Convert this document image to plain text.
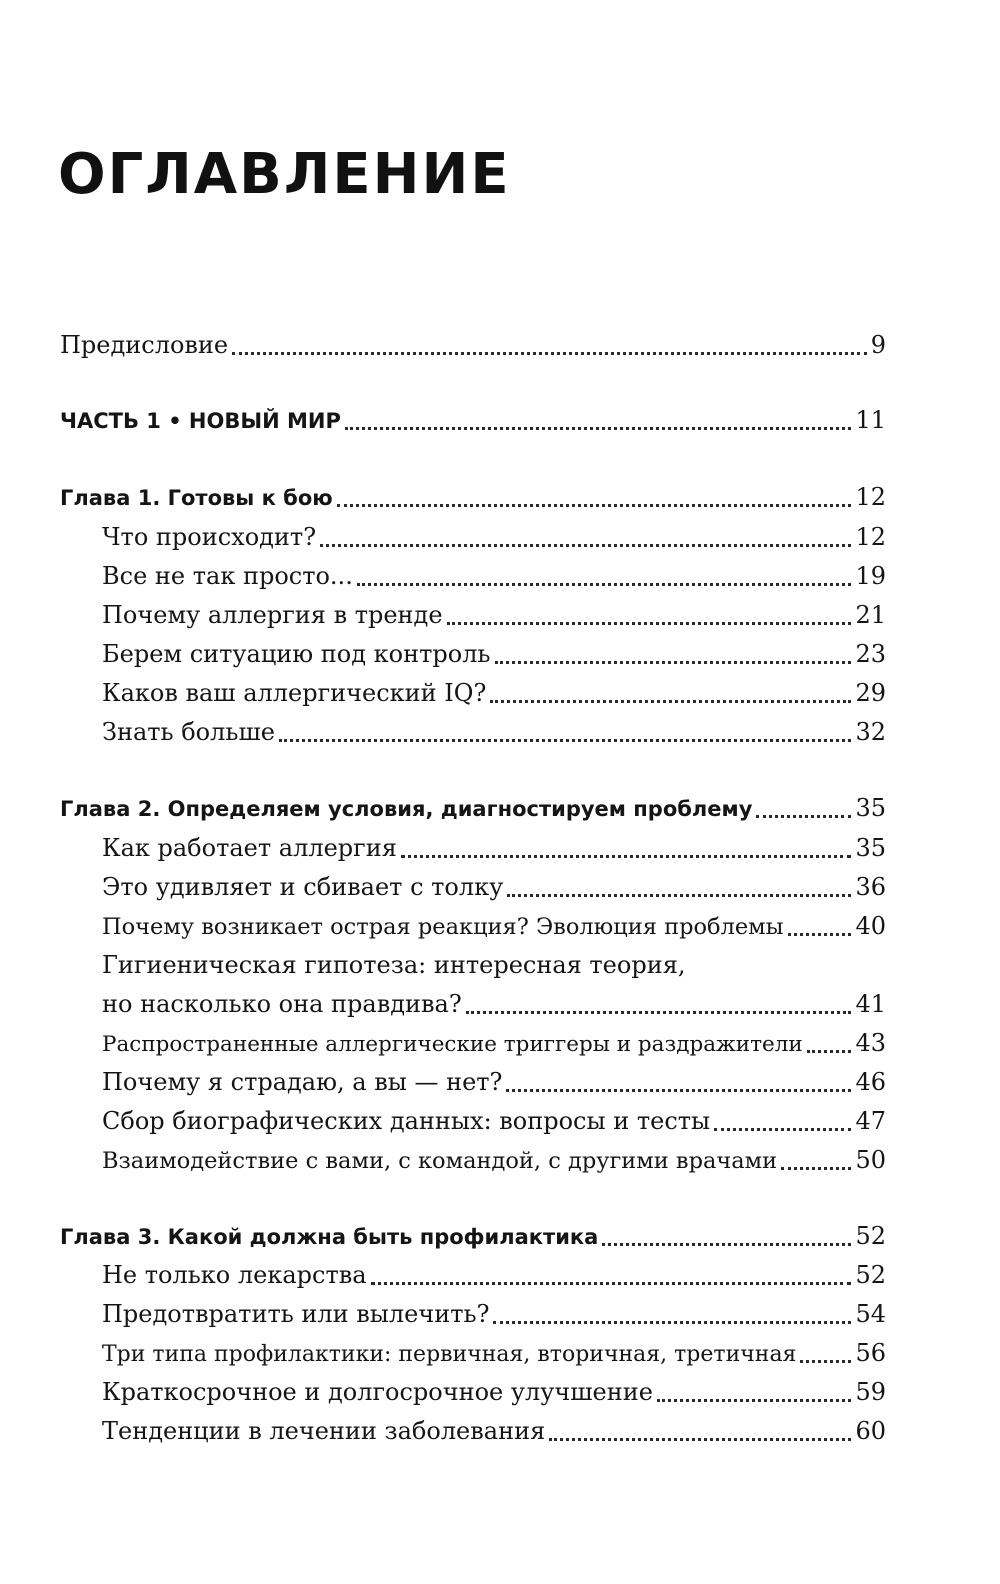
ОГЛАВЛЕНИЕ
Предисловие	9
ЧАСТЬ 1 • НОВЫЙ МИР	11
Глава 1. Готовы к бою	12
Что происходит?	12
Все не так просто...	19
Почему аллергия в тренде	21
Берем ситуацию под контроль	23
Каков ваш аллергический IQ?	29
Знать больше	32
Глава 2. Определяем условия, диагностируем проблему	35
Как работает аллергия	35
Это удивляет и сбивает с толку	36
Почему возникает острая реакция? Эволюция проблемы	40
Гигиеническая гипотеза: интересная теория,
но насколько она правдива?	41
Распространенные аллергические триггеры и раздражители 43
Почему я страдаю, а вы — нет?	46
Сбор биографических данных: вопросы и тесты	47
Взаимодействие с вами, с командой, с другими врачами	50
Глава 3. Какой должна быть профилактика	52
Не только лекарства	52
Предотвратить или вылечить?	54
Три типа профилактики: первичная, вторичная, третичная 56
Краткосрочное и долгосрочное улучшение	59
Тенденции в лечении заболевания	60
